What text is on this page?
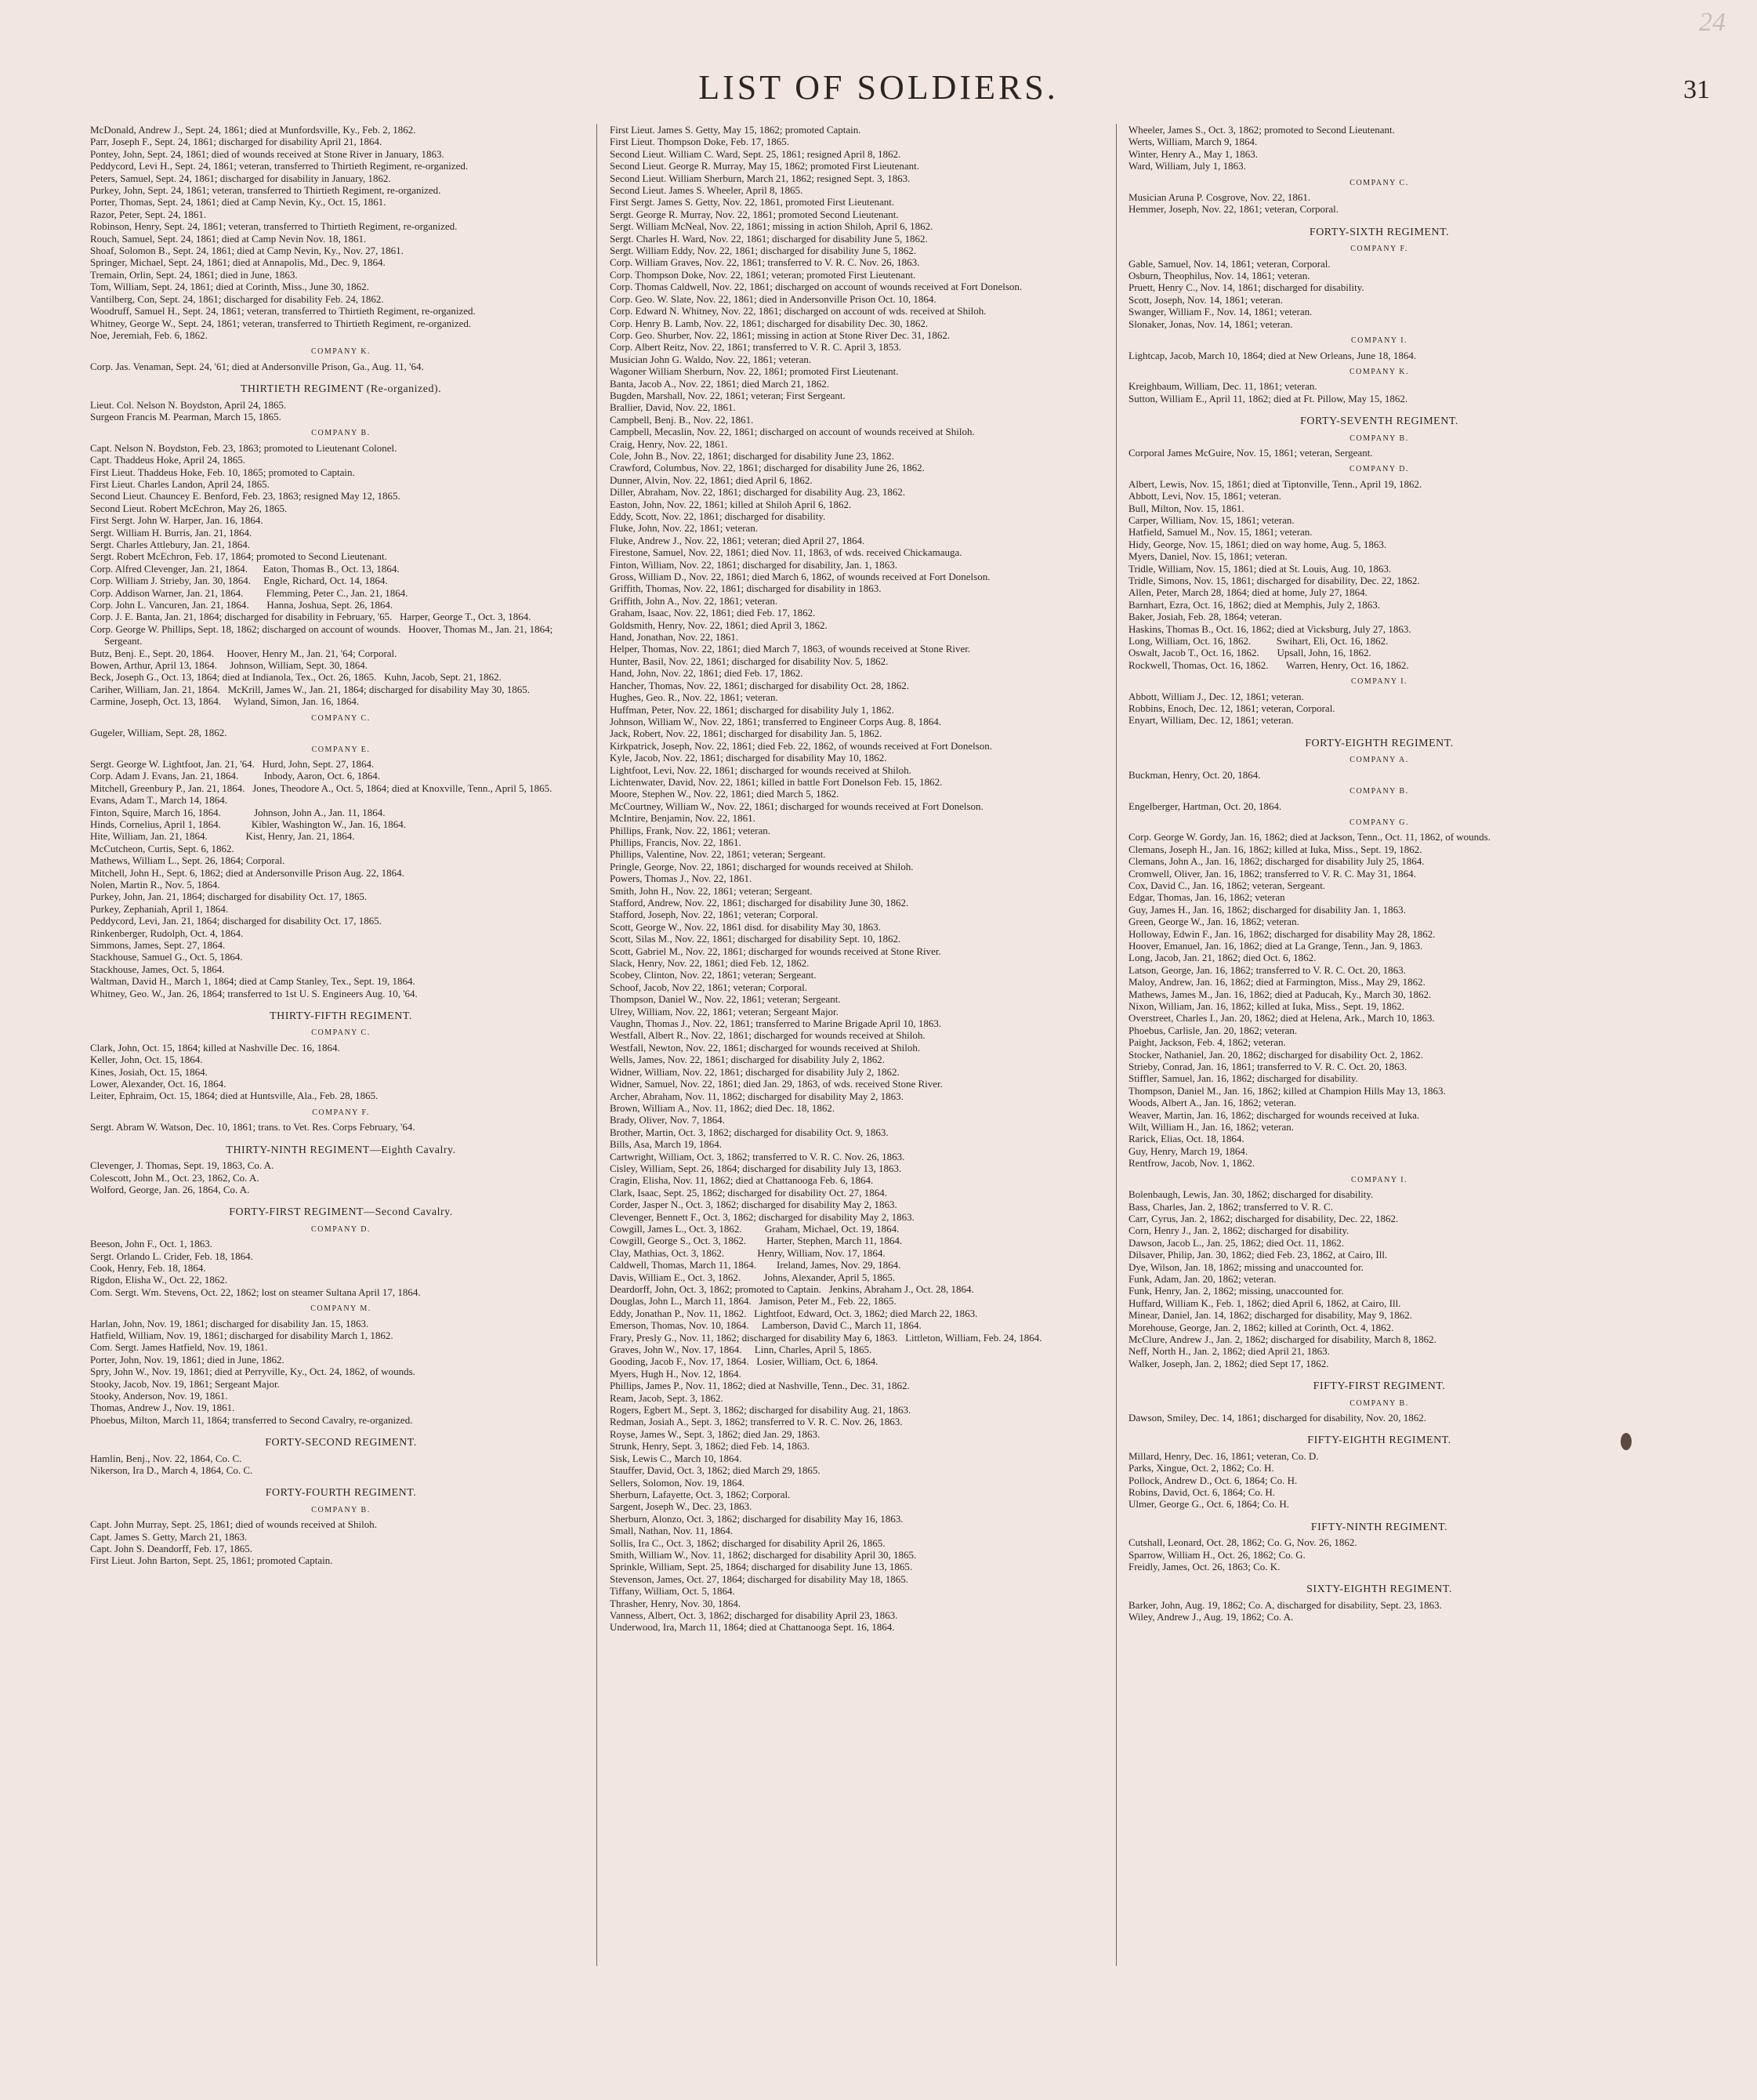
24
LIST OF SOLDIERS.	31
McDonald, Andrew J., Sept. 24, 1861; died at Munfordsville, Ky., Feb. 2, 1862.
Parr, Joseph F., Sept. 24, 1861; discharged for disability April 21, 1864.
Pontey, John, Sept. 24, 1861; died of wounds received at Stone River in January, 1863.
Peddycord, Levi H., Sept. 24, 1861; veteran, transferred to Thirtieth Regiment, re-organized.
Peters, Samuel, Sept. 24, 1861; discharged for disability in January, 1862.
Purkey, John, Sept. 24, 1861; veteran, transferred to Thirtieth Regiment, re-organized.
Porter, Thomas, Sept. 24, 1861; died at Camp Nevin, Ky., Oct. 15, 1861.
Razor, Peter, Sept. 24, 1861.
Robinson, Henry, Sept. 24, 1861; veteran, transferred to Thirtieth Regiment, re-organized.
Rouch, Samuel, Sept. 24, 1861; died at Camp Nevin Nov. 18, 1861.
Shoaf, Solomon B., Sept. 24, 1861; died at Camp Nevin, Ky., Nov. 27, 1861.
Springer, Michael, Sept. 24, 1861; died at Annapolis, Md., Dec. 9, 1864.
Tremain, Orlin, Sept. 24, 1861; died in June, 1863.
Tom, William, Sept. 24, 1861; died at Corinth, Miss., June 30, 1862.
Vantilberg, Con, Sept. 24, 1861; discharged for disability Feb. 24, 1862.
Woodruff, Samuel H., Sept. 24, 1861; veteran, transferred to Thirtieth Regiment, re-organized.
Whitney, George W., Sept. 24, 1861; veteran, transferred to Thirtieth Regiment, re-organized.
Noe, Jeremiah, Feb. 6, 1862.
COMPANY K.
Corp. Jas. Venaman, Sept. 24, '61; died at Andersonville Prison, Ga., Aug. 11, '64.
THIRTIETH REGIMENT (Re-organized).
Lieut. Col. Nelson N. Boydston, April 24, 1865.
Surgeon Francis M. Pearman, March 15, 1865.
COMPANY B.
Capt. Nelson N. Boydston, Feb. 23, 1863; promoted to Lieutenant Colonel.
Capt. Thaddeus Hoke, April 24, 1865.
First Lieut. Thaddeus Hoke, Feb. 10, 1865; promoted to Captain.
First Lieut. Charles Landon, April 24, 1865.
Second Lieut. Chauncey E. Benford, Feb. 23, 1863; resigned May 12, 1865.
Second Lieut. Robert McEchron, May 26, 1865.
First Sergt. John W. Harper, Jan. 16, 1864.
Sergt. William H. Burris, Jan. 21, 1864.
Sergt. Charles Attlebury, Jan. 21, 1864.
Sergt. Robert McEchron, Feb. 17, 1864; promoted to Second Lieutenant.
Corp. Alfred Clevenger, Jan. 21, 1864.      Eaton, Thomas B., Oct. 13, 1864.
Corp. William J. Strieby, Jan. 30, 1864.     Engle, Richard, Oct. 14, 1864.
Corp. Addison Warner, Jan. 21, 1864.         Flemming, Peter C., Jan. 21, 1864.
Corp. John L. Vancuren, Jan. 21, 1864.       Hanna, Joshua, Sept. 26, 1864.
Corp. J. E. Banta, Jan. 21, 1864; discharged for disability in February, '65.   Harper, George T., Oct. 3, 1864.
Corp. George W. Phillips, Sept. 18, 1862; discharged on account of wounds.   Hoover, Thomas M., Jan. 21, 1864; Sergeant.
Butz, Benj. E., Sept. 20, 1864.     Hoover, Henry M., Jan. 21, '64; Corporal.
Bowen, Arthur, April 13, 1864.     Johnson, William, Sept. 30, 1864.
Beck, Joseph G., Oct. 13, 1864; died at Indianola, Tex., Oct. 26, 1865.   Kuhn, Jacob, Sept. 21, 1862.
Cariher, William, Jan. 21, 1864.   McKrill, James W., Jan. 21, 1864; discharged for disability May 30, 1865.
Carmine, Joseph, Oct. 13, 1864.     Wyland, Simon, Jan. 16, 1864.
COMPANY C.
Gugeler, William, Sept. 28, 1862.
COMPANY E.
Sergt. George W. Lightfoot, Jan. 21, '64.   Hurd, John, Sept. 27, 1864.
Corp. Adam J. Evans, Jan. 21, 1864.          Inbody, Aaron, Oct. 6, 1864.
Mitchell, Greenbury P., Jan. 21, 1864.   Jones, Theodore A., Oct. 5, 1864; died at Knoxville, Tenn., April 5, 1865.
Evans, Adam T., March 14, 1864.
Finton, Squire, March 16, 1864.             Johnson, John A., Jan. 11, 1864.
Hinds, Cornelius, April 1, 1864.            Kibler, Washington W., Jan. 16, 1864.
Hite, William, Jan. 21, 1864.               Kist, Henry, Jan. 21, 1864.
McCutcheon, Curtis, Sept. 6, 1862.
Mathews, William L., Sept. 26, 1864; Corporal.
Mitchell, John H., Sept. 6, 1862; died at Andersonville Prison Aug. 22, 1864.
Nolen, Martin R., Nov. 5, 1864.
Purkey, John, Jan. 21, 1864; discharged for disability Oct. 17, 1865.
Purkey, Zephaniah, April 1, 1864.
Peddycord, Levi, Jan. 21, 1864; discharged for disability Oct. 17, 1865.
Rinkenberger, Rudolph, Oct. 4, 1864.
Simmons, James, Sept. 27, 1864.
Stackhouse, Samuel G., Oct. 5, 1864.
Stackhouse, James, Oct. 5, 1864.
Waltman, David H., March 1, 1864; died at Camp Stanley, Tex., Sept. 19, 1864.
Whitney, Geo. W., Jan. 26, 1864; transferred to 1st U. S. Engineers Aug. 10, '64.
THIRTY-FIFTH REGIMENT.
COMPANY C.
Clark, John, Oct. 15, 1864; killed at Nashville Dec. 16, 1864.
Keller, John, Oct. 15, 1864.
Kines, Josiah, Oct. 15, 1864.
Lower, Alexander, Oct. 16, 1864.
Leiter, Ephraim, Oct. 15, 1864; died at Huntsville, Ala., Feb. 28, 1865.
COMPANY F.
Sergt. Abram W. Watson, Dec. 10, 1861; trans. to Vet. Res. Corps February, '64.
THIRTY-NINTH REGIMENT—Eighth Cavalry.
Clevenger, J. Thomas, Sept. 19, 1863, Co. A.
Colescott, John M., Oct. 23, 1862, Co. A.
Wolford, George, Jan. 26, 1864, Co. A.
FORTY-FIRST REGIMENT—Second Cavalry.
COMPANY D.
Beeson, John F., Oct. 1, 1863.
Sergt. Orlando L. Crider, Feb. 18, 1864.
Cook, Henry, Feb. 18, 1864.
Rigdon, Elisha W., Oct. 22, 1862.
Com. Sergt. Wm. Stevens, Oct. 22, 1862; lost on steamer Sultana April 17, 1864.
COMPANY M.
Harlan, John, Nov. 19, 1861; discharged for disability Jan. 15, 1863.
Hatfield, William, Nov. 19, 1861; discharged for disability March 1, 1862.
Com. Sergt. James Hatfield, Nov. 19, 1861.
Porter, John, Nov. 19, 1861; died in June, 1862.
Spry, John W., Nov. 19, 1861; died at Perryville, Ky., Oct. 24, 1862, of wounds.
Stooky, Jacob, Nov. 19, 1861; Sergeant Major.
Stooky, Anderson, Nov. 19, 1861.
Thomas, Andrew J., Nov. 19, 1861.
Phoebus, Milton, March 11, 1864; transferred to Second Cavalry, re-organized.
FORTY-SECOND REGIMENT.
Hamlin, Benj., Nov. 22, 1864, Co. C.
Nikerson, Ira D., March 4, 1864, Co. C.
FORTY-FOURTH REGIMENT.
COMPANY B.
Capt. John Murray, Sept. 25, 1861; died of wounds received at Shiloh.
Capt. James S. Getty, March 21, 1863.
Capt. John S. Deandorff, Feb. 17, 1865.
First Lieut. John Barton, Sept. 25, 1861; promoted Captain.
First Lieut. James S. Getty, May 15, 1862; promoted Captain.
First Lieut. Thompson Doke, Feb. 17, 1865.
Second Lieut. William C. Ward, Sept. 25, 1861; resigned April 8, 1862.
Second Lieut. George R. Murray, May 15, 1862; promoted First Lieutenant.
Second Lieut. William Sherburn, March 21, 1862; resigned Sept. 3, 1863.
Second Lieut. James S. Wheeler, April 8, 1865.
First Sergt. James S. Getty, Nov. 22, 1861, promoted First Lieutenant.
Sergt. George R. Murray, Nov. 22, 1861; promoted Second Lieutenant.
Sergt. William McNeal, Nov. 22, 1861; missing in action Shiloh, April 6, 1862.
Sergt. Charles H. Ward, Nov. 22, 1861; discharged for disability June 5, 1862.
Sergt. William Eddy, Nov. 22, 1861; discharged for disability June 5, 1862.
Corp. William Graves, Nov. 22, 1861; transferred to V. R. C. Nov. 26, 1863.
Corp. Thompson Doke, Nov. 22, 1861; veteran; promoted First Lieutenant.
Corp. Thomas Caldwell, Nov. 22, 1861; discharged on account of wounds received at Fort Donelson.
Corp. Geo. W. Slate, Nov. 22, 1861; died in Andersonville Prison Oct. 10, 1864.
Corp. Edward N. Whitney, Nov. 22, 1861; discharged on account of wds. received at Shiloh.
Corp. Henry B. Lamb, Nov. 22, 1861; discharged for disability Dec. 30, 1862.
Corp. Geo. Shurber, Nov. 22, 1861; missing in action at Stone River Dec. 31, 1862.
Corp. Albert Reitz, Nov. 22, 1861; transferred to V. R. C. April 3, 1853.
Musician John G. Waldo, Nov. 22, 1861; veteran.
Wagoner William Sherburn, Nov. 22, 1861; promoted First Lieutenant.
Banta, Jacob A., Nov. 22, 1861; died March 21, 1862.
Bugden, Marshall, Nov. 22, 1861; veteran; First Sergeant.
Brallier, David, Nov. 22, 1861.
Campbell, Benj. B., Nov. 22, 1861.
Campbell, Mecaslin, Nov. 22, 1861; discharged on account of wounds received at Shiloh.
Craig, Henry, Nov. 22, 1861.
Cole, John B., Nov. 22, 1861; discharged for disability June 23, 1862.
Crawford, Columbus, Nov. 22, 1861; discharged for disability June 26, 1862.
Dunner, Alvin, Nov. 22, 1861; died April 6, 1862.
Diller, Abraham, Nov. 22, 1861; discharged for disability Aug. 23, 1862.
Easton, John, Nov. 22, 1861; killed at Shiloh April 6, 1862.
Eddy, Scott, Nov. 22, 1861; discharged for disability.
Fluke, John, Nov. 22, 1861; veteran.
Fluke, Andrew J., Nov. 22, 1861; veteran; died April 27, 1864.
Firestone, Samuel, Nov. 22, 1861; died Nov. 11, 1863, of wds. received Chickamauga.
Finton, William, Nov. 22, 1861; discharged for disability, Jan. 1, 1863.
Gross, William D., Nov. 22, 1861; died March 6, 1862, of wounds received at Fort Donelson.
Griffith, Thomas, Nov. 22, 1861; discharged for disability in 1863.
Griffith, John A., Nov. 22, 1861; veteran.
Graham, Isaac, Nov. 22, 1861; died Feb. 17, 1862.
Goldsmith, Henry, Nov. 22, 1861; died April 3, 1862.
Hand, Jonathan, Nov. 22, 1861.
Helper, Thomas, Nov. 22, 1861; died March 7, 1863, of wounds received at Stone River.
Hunter, Basil, Nov. 22, 1861; discharged for disability Nov. 5, 1862.
Hand, John, Nov. 22, 1861; died Feb. 17, 1862.
Hancher, Thomas, Nov. 22, 1861; discharged for disability Oct. 28, 1862.
Hughes, Geo. R., Nov. 22, 1861; veteran.
Huffman, Peter, Nov. 22, 1861; discharged for disability July 1, 1862.
Johnson, William W., Nov. 22, 1861; transferred to Engineer Corps Aug. 8, 1864.
Jack, Robert, Nov. 22, 1861; discharged for disability Jan. 5, 1862.
Kirkpatrick, Joseph, Nov. 22, 1861; died Feb. 22, 1862, of wounds received at Fort Donelson.
Kyle, Jacob, Nov. 22, 1861; discharged for disability May 10, 1862.
Lightfoot, Levi, Nov. 22, 1861; discharged for wounds received at Shiloh.
Lichtenwater, David, Nov. 22, 1861; killed in battle Fort Donelson Feb. 15, 1862.
Moore, Stephen W., Nov. 22, 1861; died March 5, 1862.
McCourtney, William W., Nov. 22, 1861; discharged for wounds received at Fort Donelson.
McIntire, Benjamin, Nov. 22, 1861.
Phillips, Frank, Nov. 22, 1861; veteran.
Phillips, Francis, Nov. 22, 1861.
Phillips, Valentine, Nov. 22, 1861; veteran; Sergeant.
Pringle, George, Nov. 22, 1861; discharged for wounds received at Shiloh.
Powers, Thomas J., Nov. 22, 1861.
Smith, John H., Nov. 22, 1861; veteran; Sergeant.
Stafford, Andrew, Nov. 22, 1861; discharged for disability June 30, 1862.
Stafford, Joseph, Nov. 22, 1861; veteran; Corporal.
Scott, George W., Nov. 22, 1861 disd. for disability May 30, 1863.
Scott, Silas M., Nov. 22, 1861; discharged for disability Sept. 10, 1862.
Scott, Gabriel M., Nov. 22, 1861; discharged for wounds received at Stone River.
Slack, Henry, Nov. 22, 1861; died Feb. 12, 1862.
Scobey, Clinton, Nov. 22, 1861; veteran; Sergeant.
Schoof, Jacob, Nov 22, 1861; veteran; Corporal.
Thompson, Daniel W., Nov. 22, 1861; veteran; Sergeant.
Ulrey, William, Nov. 22, 1861; veteran; Sergeant Major.
Vaughn, Thomas J., Nov. 22, 1861; transferred to Marine Brigade April 10, 1863.
Westfall, Albert R., Nov. 22, 1861; discharged for wounds received at Shiloh.
Westfall, Newton, Nov. 22, 1861; discharged for wounds received at Shiloh.
Wells, James, Nov. 22, 1861; discharged for disability July 2, 1862.
Widner, William, Nov. 22, 1861; discharged for disability July 2, 1862.
Widner, Samuel, Nov. 22, 1861; died Jan. 29, 1863, of wds. received Stone River.
Archer, Abraham, Nov. 11, 1862; discharged for disability May 2, 1863.
Brown, William A., Nov. 11, 1862; died Dec. 18, 1862.
Brady, Oliver, Nov. 7, 1864.
Brother, Martin, Oct. 3, 1862; discharged for disability Oct. 9, 1863.
Bills, Asa, March 19, 1864.
Cartwright, William, Oct. 3, 1862; transferred to V. R. C. Nov. 26, 1863.
Cisley, William, Sept. 26, 1864; discharged for disability July 13, 1863.
Cragin, Elisha, Nov. 11, 1862; died at Chattanooga Feb. 6, 1864.
Clark, Isaac, Sept. 25, 1862; discharged for disability Oct. 27, 1864.
Corder, Jasper N., Oct. 3, 1862; discharged for disability May 2, 1863.
Clevenger, Bennett F., Oct. 3, 1862; discharged for disability May 2, 1863.
Cowgill, James L., Oct. 3, 1862.         Graham, Michael, Oct. 19, 1864.
Cowgill, George S., Oct. 3, 1862.        Harter, Stephen, March 11, 1864.
Clay, Mathias, Oct. 3, 1862.             Henry, William, Nov. 17, 1864.
Caldwell, Thomas, March 11, 1864.        Ireland, James, Nov. 29, 1864.
Davis, William E., Oct. 3, 1862.         Johns, Alexander, April 5, 1865.
Deardorff, John, Oct. 3, 1862; promoted to Captain.   Jenkins, Abraham J., Oct. 28, 1864.
Douglas, John L., March 11, 1864.   Jamison, Peter M., Feb. 22, 1865.
Eddy, Jonathan P., Nov. 11, 1862.   Lightfoot, Edward, Oct. 3, 1862; died March 22, 1863.
Emerson, Thomas, Nov. 10, 1864.     Lamberson, David C., March 11, 1864.
Frary, Presly G., Nov. 11, 1862; discharged for disability May 6, 1863.   Littleton, William, Feb. 24, 1864.
Graves, John W., Nov. 17, 1864.     Linn, Charles, April 5, 1865.
Gooding, Jacob F., Nov. 17, 1864.   Losier, William, Oct. 6, 1864.
Myers, Hugh H., Nov. 12, 1864.
Phillips, James P., Nov. 11, 1862; died at Nashville, Tenn., Dec. 31, 1862.
Ream, Jacob, Sept. 3, 1862.
Rogers, Egbert M., Sept. 3, 1862; discharged for disability Aug. 21, 1863.
Redman, Josiah A., Sept. 3, 1862; transferred to V. R. C. Nov. 26, 1863.
Royse, James W., Sept. 3, 1862; died Jan. 29, 1863.
Strunk, Henry, Sept. 3, 1862; died Feb. 14, 1863.
Sisk, Lewis C., March 10, 1864.
Stauffer, David, Oct. 3, 1862; died March 29, 1865.
Sellers, Solomon, Nov. 19, 1864.
Sherburn, Lafayette, Oct. 3, 1862; Corporal.
Sargent, Joseph W., Dec. 23, 1863.
Sherburn, Alonzo, Oct. 3, 1862; discharged for disability May 16, 1863.
Small, Nathan, Nov. 11, 1864.
Sollis, Ira C., Oct. 3, 1862; discharged for disability April 26, 1865.
Smith, William W., Nov. 11, 1862; discharged for disability April 30, 1865.
Sprinkle, William, Sept. 25, 1864; discharged for disability June 13, 1865.
Stevenson, James, Oct. 27, 1864; discharged for disability May 18, 1865.
Tiffany, William, Oct. 5, 1864.
Thrasher, Henry, Nov. 30, 1864.
Vanness, Albert, Oct. 3, 1862; discharged for disability April 23, 1863.
Underwood, Ira, March 11, 1864; died at Chattanooga Sept. 16, 1864.
Wheeler, James S., Oct. 3, 1862; promoted to Second Lieutenant.
Werts, William, March 9, 1864.
Winter, Henry A., May 1, 1863.
Ward, William, July 1, 1863.
COMPANY C.
Musician Aruna P. Cosgrove, Nov. 22, 1861.
Hemmer, Joseph, Nov. 22, 1861; veteran, Corporal.
FORTY-SIXTH REGIMENT.
COMPANY F.
Gable, Samuel, Nov. 14, 1861; veteran, Corporal.
Osburn, Theophilus, Nov. 14, 1861; veteran.
Pruett, Henry C., Nov. 14, 1861; discharged for disability.
Scott, Joseph, Nov. 14, 1861; veteran.
Swanger, William F., Nov. 14, 1861; veteran.
Slonaker, Jonas, Nov. 14, 1861; veteran.
COMPANY I.
Lightcap, Jacob, March 10, 1864; died at New Orleans, June 18, 1864.
COMPANY K.
Kreighbaum, William, Dec. 11, 1861; veteran.
Sutton, William E., April 11, 1862; died at Ft. Pillow, May 15, 1862.
FORTY-SEVENTH REGIMENT.
COMPANY B.
Corporal James McGuire, Nov. 15, 1861; veteran, Sergeant.
COMPANY D.
Albert, Lewis, Nov. 15, 1861; died at Tiptonville, Tenn., April 19, 1862.
Abbott, Levi, Nov. 15, 1861; veteran.
Bull, Milton, Nov. 15, 1861.
Carper, William, Nov. 15, 1861; veteran.
Hatfield, Samuel M., Nov. 15, 1861; veteran.
Hidy, George, Nov. 15, 1861; died on way home, Aug. 5, 1863.
Myers, Daniel, Nov. 15, 1861; veteran.
Tridle, William, Nov. 15, 1861; died at St. Louis, Aug. 10, 1863.
Tridle, Simons, Nov. 15, 1861; discharged for disability, Dec. 22, 1862.
Allen, Peter, March 28, 1864; died at home, July 27, 1864.
Barnhart, Ezra, Oct. 16, 1862; died at Memphis, July 2, 1863.
Baker, Josiah, Feb. 28, 1864; veteran.
Haskins, Thomas B., Oct. 16, 1862; died at Vicksburg, July 27, 1863.
Long, William, Oct. 16, 1862.          Swihart, Eli, Oct. 16, 1862.
Oswalt, Jacob T., Oct. 16, 1862.       Upsall, John, 16, 1862.
Rockwell, Thomas, Oct. 16, 1862.       Warren, Henry, Oct. 16, 1862.
COMPANY I.
Abbott, William J., Dec. 12, 1861; veteran.
Robbins, Enoch, Dec. 12, 1861; veteran, Corporal.
Enyart, William, Dec. 12, 1861; veteran.
FORTY-EIGHTH REGIMENT.
COMPANY A.
Buckman, Henry, Oct. 20, 1864.
COMPANY B.
Engelberger, Hartman, Oct. 20, 1864.
COMPANY G.
Corp. George W. Gordy, Jan. 16, 1862; died at Jackson, Tenn., Oct. 11, 1862, of wounds.
Clemans, Joseph H., Jan. 16, 1862; killed at Iuka, Miss., Sept. 19, 1862.
Clemans, John A., Jan. 16, 1862; discharged for disability July 25, 1864.
Cromwell, Oliver, Jan. 16, 1862; transferred to V. R. C. May 31, 1864.
Cox, David C., Jan. 16, 1862; veteran, Sergeant.
Edgar, Thomas, Jan. 16, 1862; veteran
Guy, James H., Jan. 16, 1862; discharged for disability Jan. 1, 1863.
Green, George W., Jan. 16, 1862; veteran.
Holloway, Edwin F., Jan. 16, 1862; discharged for disability May 28, 1862.
Hoover, Emanuel, Jan. 16, 1862; died at La Grange, Tenn., Jan. 9, 1863.
Long, Jacob, Jan. 21, 1862; died Oct. 6, 1862.
Latson, George, Jan. 16, 1862; transferred to V. R. C. Oct. 20, 1863.
Maloy, Andrew, Jan. 16, 1862; died at Farmington, Miss., May 29, 1862.
Mathews, James M., Jan. 16, 1862; died at Paducah, Ky., March 30, 1862.
Nixon, William, Jan. 16, 1862; killed at Iuka, Miss., Sept. 19, 1862.
Overstreet, Charles I., Jan. 20, 1862; died at Helena, Ark., March 10, 1863.
Phoebus, Carlisle, Jan. 20, 1862; veteran.
Paight, Jackson, Feb. 4, 1862; veteran.
Stocker, Nathaniel, Jan. 20, 1862; discharged for disability Oct. 2, 1862.
Strieby, Conrad, Jan. 16, 1861; transferred to V. R. C. Oct. 20, 1863.
Stiffler, Samuel, Jan. 16, 1862; discharged for disability.
Thompson, Daniel M., Jan. 16, 1862; killed at Champion Hills May 13, 1863.
Woods, Albert A., Jan. 16, 1862; veteran.
Weaver, Martin, Jan. 16, 1862; discharged for wounds received at Iuka.
Wilt, William H., Jan. 16, 1862; veteran.
Rarick, Elias, Oct. 18, 1864.
Guy, Henry, March 19, 1864.
Rentfrow, Jacob, Nov. 1, 1862.
COMPANY I.
Bolenbaugh, Lewis, Jan. 30, 1862; discharged for disability.
Bass, Charles, Jan. 2, 1862; transferred to V. R. C.
Carr, Cyrus, Jan. 2, 1862; discharged for disability, Dec. 22, 1862.
Corn, Henry J., Jan. 2, 1862; discharged for disability.
Dawson, Jacob L., Jan. 25, 1862; died Oct. 11, 1862.
Dilsaver, Philip, Jan. 30, 1862; died Feb. 23, 1862, at Cairo, Ill.
Dye, Wilson, Jan. 18, 1862; missing and unaccounted for.
Funk, Adam, Jan. 20, 1862; veteran.
Funk, Henry, Jan. 2, 1862; missing, unaccounted for.
Huffard, William K., Feb. 1, 1862; died April 6, 1862, at Cairo, Ill.
Minear, Daniel, Jan. 14, 1862; discharged for disability, May 9, 1862.
Morehouse, George, Jan. 2, 1862; killed at Corinth, Oct. 4, 1862.
McClure, Andrew J., Jan. 2, 1862; discharged for disability, March 8, 1862.
Neff, North H., Jan. 2, 1862; died April 21, 1863.
Walker, Joseph, Jan. 2, 1862; died Sept 17, 1862.
FIFTY-FIRST REGIMENT.
COMPANY B.
Dawson, Smiley, Dec. 14, 1861; discharged for disability, Nov. 20, 1862.
FIFTY-EIGHTH REGIMENT.
Millard, Henry, Dec. 16, 1861; veteran, Co. D.
Parks, Xingue, Oct. 2, 1862; Co. H.
Pollock, Andrew D., Oct. 6, 1864; Co. H.
Robins, David, Oct. 6, 1864; Co. H.
Ulmer, George G., Oct. 6, 1864; Co. H.
FIFTY-NINTH REGIMENT.
Cutshall, Leonard, Oct. 28, 1862; Co. G, Nov. 26, 1862.
Sparrow, William H., Oct. 26, 1862; Co. G.
Freidly, James, Oct. 26, 1863; Co. K.
SIXTY-EIGHTH REGIMENT.
Barker, John, Aug. 19, 1862; Co. A, discharged for disability, Sept. 23, 1863.
Wiley, Andrew J., Aug. 19, 1862; Co. A.
